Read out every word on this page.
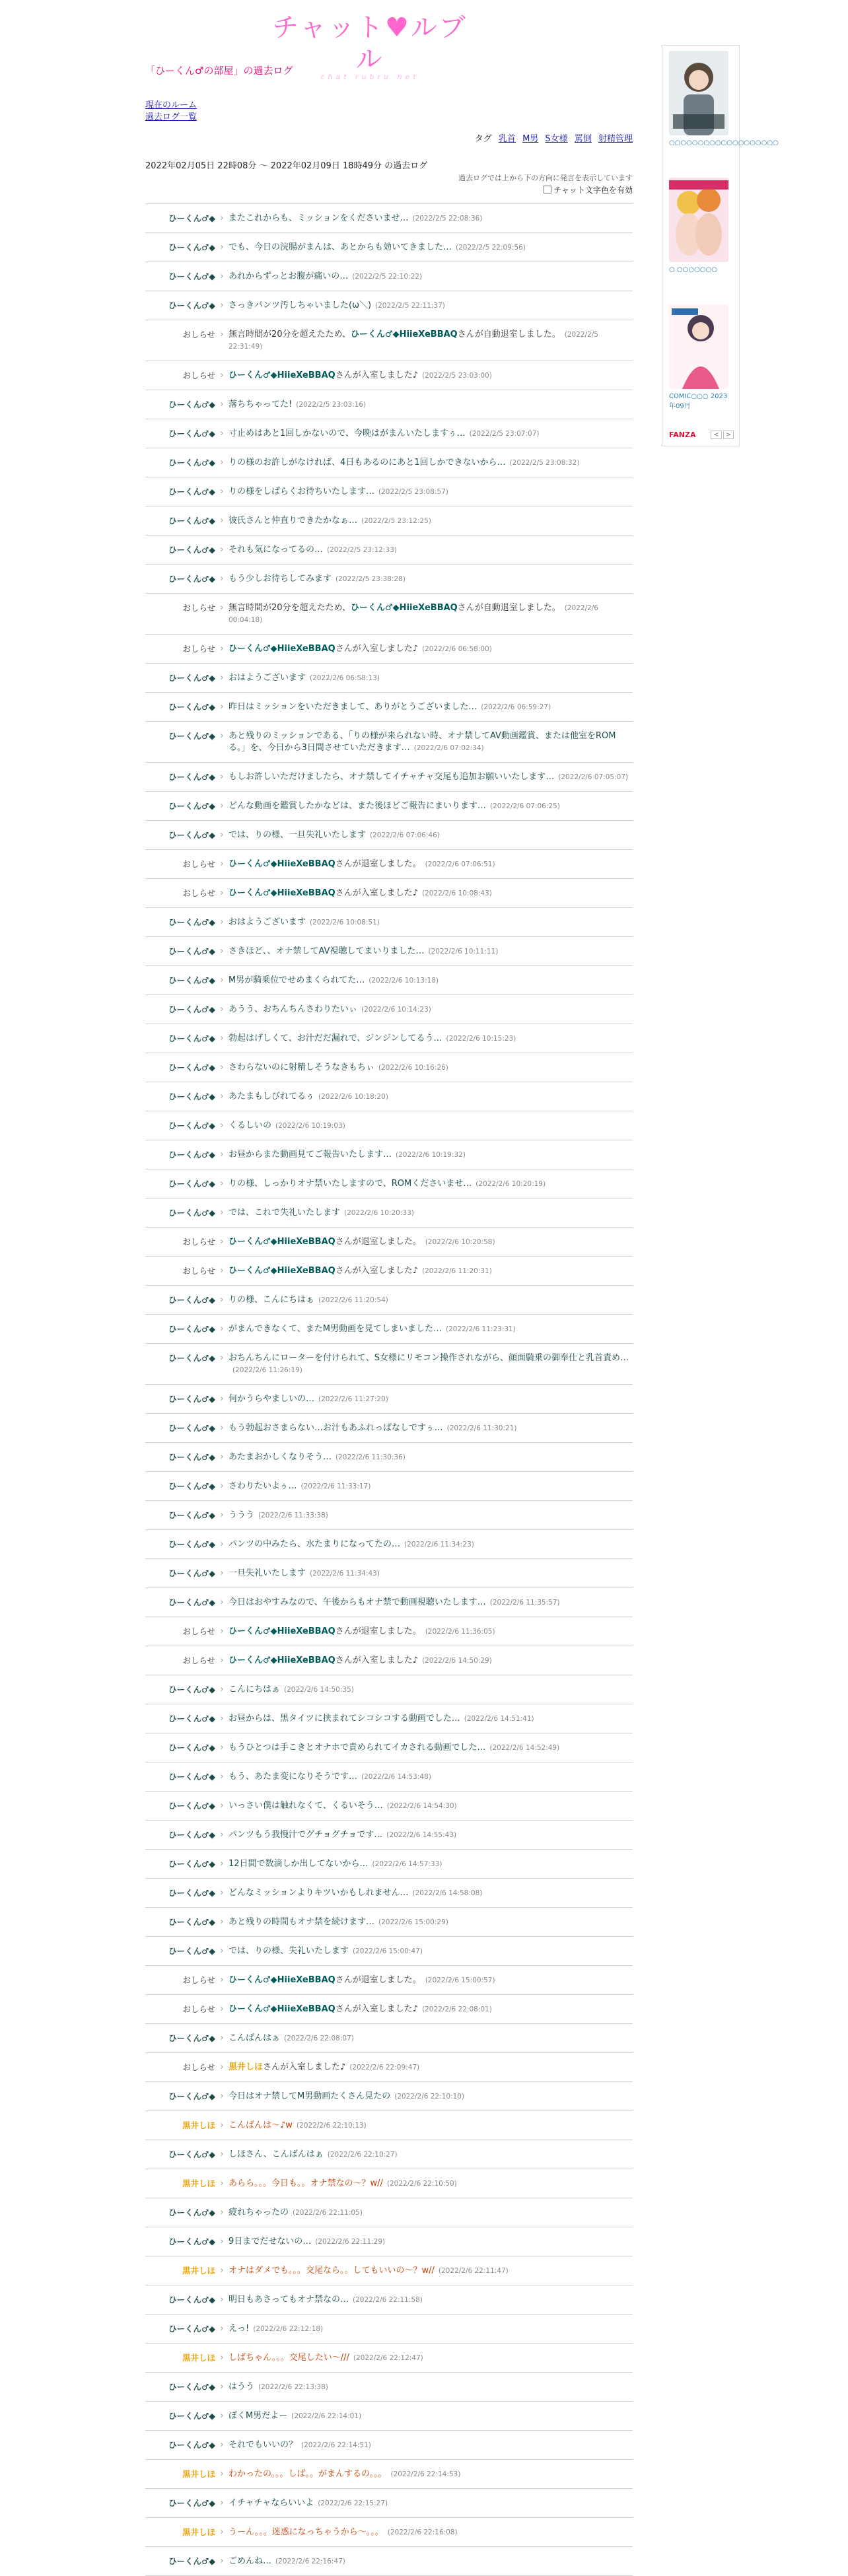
チャット♥ルブル
chat rubru net
「ひーくん♂の部屋」の過去ログ
現在のルーム
過去ログ一覧
タグ 乳首 M男 S女様 罵倒 射精管理
2022年02月05日 22時08分 〜 2022年02月09日 18時49分 の過去ログ
過去ログでは上から下の方向に発言を表示しています
チャット文字色を有効
ひーくん♂◆ › またこれからも、ミッションをくださいませ… (2022/2/5 22:08:36)
ひーくん♂◆ › でも、今日の浣腸がまんは、あとからも効いてきました… (2022/2/5 22:09:56)
ひーくん♂◆ › あれからずっとお腹が痛いの… (2022/2/5 22:10:22)
ひーくん♂◆ › さっきパンツ汚しちゃいました(ω＼) (2022/2/5 22:11:37)
おしらせ › 無言時間が20分を超えたため、ひーくん♂◆HiieXeBBAQさんが自動退室しました。 (2022/2/5 22:31:49)
おしらせ › ひーくん♂◆HiieXeBBAQさんが入室しました♪ (2022/2/5 23:03:00)
ひーくん♂◆ › 落ちちゃってた! (2022/2/5 23:03:16)
ひーくん♂◆ › 寸止めはあと1回しかないので、今晩はがまんいたしますぅ… (2022/2/5 23:07:07)
ひーくん♂◆ › りの様のお許しがなければ、4日もあるのにあと1回しかできないから… (2022/2/5 23:08:32)
ひーくん♂◆ › りの様をしばらくお待ちいたします… (2022/2/5 23:08:57)
ひーくん♂◆ › 彼氏さんと仲直りできたかなぁ… (2022/2/5 23:12:25)
ひーくん♂◆ › それも気になってるの… (2022/2/5 23:12:33)
ひーくん♂◆ › もう少しお待ちしてみます (2022/2/5 23:38:28)
おしらせ › 無言時間が20分を超えたため、ひーくん♂◆HiieXeBBAQさんが自動退室しました。 (2022/2/6 00:04:18)
おしらせ › ひーくん♂◆HiieXeBBAQさんが入室しました♪ (2022/2/6 06:58:00)
ひーくん♂◆ › おはようございます (2022/2/6 06:58:13)
ひーくん♂◆ › 昨日はミッションをいただきまして、ありがとうございました… (2022/2/6 06:59:27)
ひーくん♂◆ › あと残りのミッションである、「りの様が来られない時、オナ禁してAV動画鑑賞、または他室をROMる。」を、今日から3日間させていただきます… (2022/2/6 07:02:34)
ひーくん♂◆ › もしお許しいただけましたら、オナ禁してイチャチャ交尾も追加お願いいたします… (2022/2/6 07:05:07)
ひーくん♂◆ › どんな動画を鑑賞したかなどは、また後ほどご報告にまいります… (2022/2/6 07:06:25)
ひーくん♂◆ › では、りの様、一旦失礼いたします (2022/2/6 07:06:46)
おしらせ › ひーくん♂◆HiieXeBBAQさんが退室しました。 (2022/2/6 07:06:51)
おしらせ › ひーくん♂◆HiieXeBBAQさんが入室しました♪ (2022/2/6 10:08:43)
ひーくん♂◆ › おはようございます (2022/2/6 10:08:51)
ひーくん♂◆ › さきほど、、オナ禁してAV視聴してまいりました… (2022/2/6 10:11:11)
ひーくん♂◆ › M男が騎乗位でせめまくられてた… (2022/2/6 10:13:18)
ひーくん♂◆ › あうう、おちんちんさわりたいぃ (2022/2/6 10:14:23)
ひーくん♂◆ › 勃起はげしくて、お汁だだ漏れで、ジンジンしてるう… (2022/2/6 10:15:23)
ひーくん♂◆ › さわらないのに射精しそうなきもちぃ (2022/2/6 10:16:26)
ひーくん♂◆ › あたまもしびれてるぅ (2022/2/6 10:18:20)
ひーくん♂◆ › くるしいの (2022/2/6 10:19:03)
ひーくん♂◆ › お昼からまた動画見てご報告いたします… (2022/2/6 10:19:32)
ひーくん♂◆ › りの様、しっかりオナ禁いたしますので、ROMくださいませ… (2022/2/6 10:20:19)
ひーくん♂◆ › では、これで失礼いたします (2022/2/6 10:20:33)
おしらせ › ひーくん♂◆HiieXeBBAQさんが退室しました。 (2022/2/6 10:20:58)
おしらせ › ひーくん♂◆HiieXeBBAQさんが入室しました♪ (2022/2/6 11:20:31)
ひーくん♂◆ › りの様、こんにちはぁ (2022/2/6 11:20:54)
ひーくん♂◆ › がまんできなくて、またM男動画を見てしまいました… (2022/2/6 11:23:31)
ひーくん♂◆ › おちんちんにローターを付けられて、S女様にリモコン操作されながら、顔面騎乗の御奉仕と乳首責め…(2022/2/6 11:26:19)
ひーくん♂◆ › 何かうらやましいの… (2022/2/6 11:27:20)
ひーくん♂◆ › もう勃起おさまらない…お汁もあふれっぱなしですぅ… (2022/2/6 11:30:21)
ひーくん♂◆ › あたまおかしくなりそう… (2022/2/6 11:30:36)
ひーくん♂◆ › さわりたいよぅ… (2022/2/6 11:33:17)
ひーくん♂◆ › ううう (2022/2/6 11:33:38)
ひーくん♂◆ › パンツの中みたら、水たまりになってたの… (2022/2/6 11:34:23)
ひーくん♂◆ › 一旦失礼いたします (2022/2/6 11:34:43)
ひーくん♂◆ › 今日はおやすみなので、午後からもオナ禁で動画視聴いたします… (2022/2/6 11:35:57)
おしらせ › ひーくん♂◆HiieXeBBAQさんが退室しました。 (2022/2/6 11:36:05)
おしらせ › ひーくん♂◆HiieXeBBAQさんが入室しました♪ (2022/2/6 14:50:29)
ひーくん♂◆ › こんにちはぁ (2022/2/6 14:50:35)
ひーくん♂◆ › お昼からは、黒タイツに挟まれてシコシコする動画でした… (2022/2/6 14:51:41)
ひーくん♂◆ › もうひとつは手こきとオナホで責められてイカされる動画でした… (2022/2/6 14:52:49)
ひーくん♂◆ › もう、あたま変になりそうです… (2022/2/6 14:53:48)
ひーくん♂◆ › いっさい僕は触れなくて、くるいそう… (2022/2/6 14:54:30)
ひーくん♂◆ › パンツもう我慢汁でグチョグチョです… (2022/2/6 14:55:43)
ひーくん♂◆ › 12日間で数滴しか出してないから… (2022/2/6 14:57:33)
ひーくん♂◆ › どんなミッションよりキツいかもしれません… (2022/2/6 14:58:08)
ひーくん♂◆ › あと残りの時間もオナ禁を続けます… (2022/2/6 15:00:29)
ひーくん♂◆ › では、りの様、失礼いたします (2022/2/6 15:00:47)
おしらせ › ひーくん♂◆HiieXeBBAQさんが退室しました。 (2022/2/6 15:00:57)
おしらせ › ひーくん♂◆HiieXeBBAQさんが入室しました♪ (2022/2/6 22:08:01)
ひーくん♂◆ › こんばんはぁ (2022/2/6 22:08:07)
おしらせ › 黒井しほさんが入室しました♪ (2022/2/6 22:09:47)
ひーくん♂◆ › 今日はオナ禁してM男動画たくさん見たの (2022/2/6 22:10:10)
黒井しほ › こんばんは〜♪w (2022/2/6 22:10:13)
ひーくん♂◆ › しほさん、こんばんはぁ (2022/2/6 22:10:27)
黒井しほ › あらら。。。今日も。。オナ禁なの〜？w// (2022/2/6 22:10:50)
ひーくん♂◆ › 疲れちゃったの (2022/2/6 22:11:05)
ひーくん♂◆ › 9日までだせないの… (2022/2/6 22:11:29)
黒井しほ › オナはダメでも。。。交尾なら。。してもいいの〜？w// (2022/2/6 22:11:47)
ひーくん♂◆ › 明日もあさってもオナ禁なの… (2022/2/6 22:11:58)
ひーくん♂◆ › えっ! (2022/2/6 22:12:18)
黒井しほ › しばちゃん。。。交尾したい〜/// (2022/2/6 22:12:47)
ひーくん♂◆ › はうう (2022/2/6 22:13:38)
ひーくん♂◆ › ぼくM男だよー (2022/2/6 22:14:01)
ひーくん♂◆ › それでもいいの？ (2022/2/6 22:14:51)
黒井しほ › わかったの。。。しば。。がまんするの。。。 (2022/2/6 22:14:53)
ひーくん♂◆ › イチャチャならいいよ (2022/2/6 22:15:27)
黒井しほ › うーん。。。迷惑になっちゃうから〜。。。 (2022/2/6 22:16:08)
ひーくん♂◆ › ごめんね… (2022/2/6 22:16:47)
○○○○○○○○○○○○○○○○○○○
○ ○○○○○○○
COMIC○○○ 2023年09月
FANZA	< >
